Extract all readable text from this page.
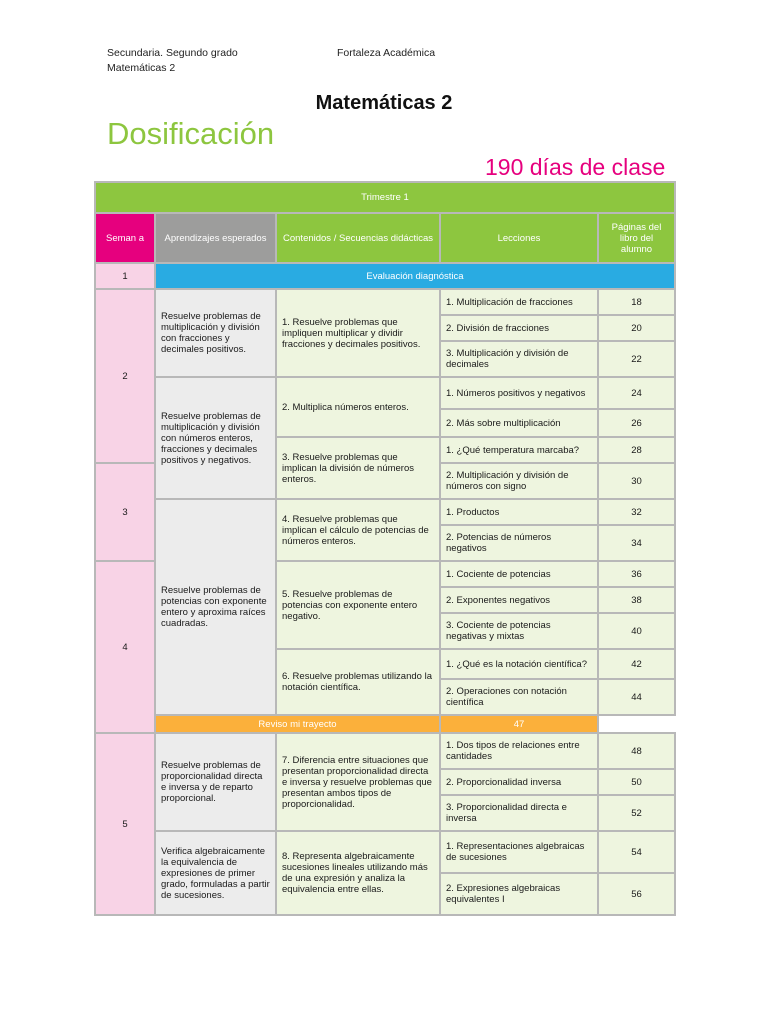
Secundaria. Segundo grado
Matemáticas 2
Fortaleza Académica
Matemáticas 2
Dosificación
190 días de clase
Trimestre 1				
Seman a	Aprendizajes esperados	Contenidos / Secuencias didácticas	Lecciones	Páginas del libro del alumno
1	Evaluación diagnóstica			
2	Resuelve problemas de multiplicación y división con fracciones y decimales positivos.	1. Resuelve problemas que impliquen multiplicar y dividir fracciones y decimales positivos.	1. Multiplicación de fracciones	18
			2. División de fracciones	20
			3. Multiplicación y división de decimales	22
	Resuelve problemas de multiplicación y división con números enteros, fracciones y decimales positivos y negativos.	2. Multiplica números enteros.	1. Números positivos y negativos	24
			2. Más sobre multiplicación	26
		3. Resuelve problemas que implican la división de números enteros.	1. ¿Qué temperatura marcaba?	28
3			2. Multiplicación y división de números con signo	30
	Resuelve problemas de potencias con exponente entero y aproxima raíces cuadradas.	4. Resuelve problemas que implican el cálculo de potencias de números enteros.	1. Productos	32
			2. Potencias de números negativos	34
4		5. Resuelve problemas de potencias con exponente entero negativo.	1. Cociente de potencias	36
			2. Exponentes negativos	38
			3. Cociente de potencias negativas y mixtas	40
		6. Resuelve problemas utilizando la notación científica.	1. ¿Qué es la notación científica?	42
			2. Operaciones con notación científica	44
	Reviso mi trayecto		47	
5	Resuelve problemas de proporcionalidad directa e inversa y de reparto proporcional.	7. Diferencia entre situaciones que presentan proporcionalidad directa e inversa y resuelve problemas que presentan ambos tipos de proporcionalidad.	1. Dos tipos de relaciones entre cantidades	48
			2. Proporcionalidad inversa	50
			3. Proporcionalidad directa e inversa	52
	Verifica algebraicamente la equivalencia de expresiones de primer grado, formuladas a partir de sucesiones.	8. Representa algebraicamente sucesiones lineales utilizando más de una expresión y analiza la equivalencia entre ellas.	1. Representaciones algebraicas de sucesiones	54
			2. Expresiones algebraicas equivalentes I	56
